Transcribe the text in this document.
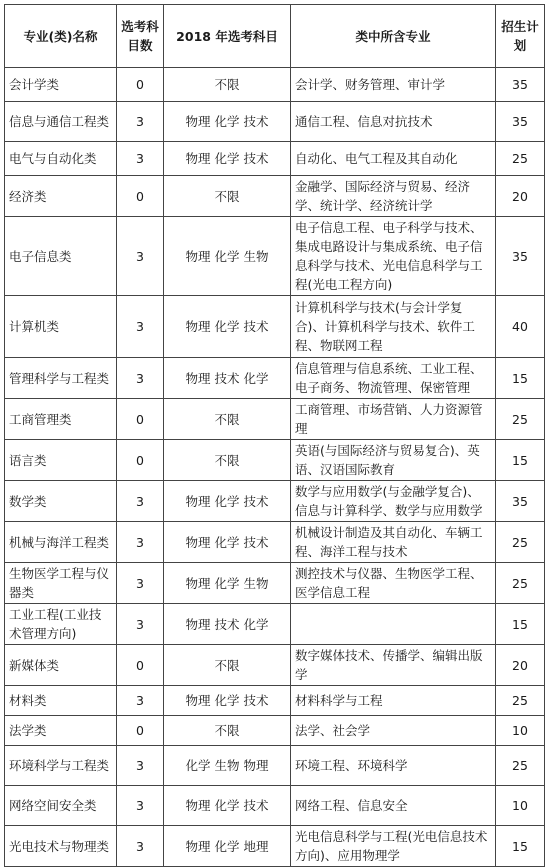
专业(类)名称	选考科目数	2018 年选考科目	类中所含专业	招生计划
会计学类	0	不限	会计学、财务管理、审计学	35
信息与通信工程类	3	物理 化学 技术	通信工程、信息对抗技术	35
电气与自动化类	3	物理 化学 技术	自动化、电气工程及其自动化	25
经济类	0	不限	金融学、国际经济与贸易、经济学、统计学、经济统计学	20
电子信息类	3	物理 化学 生物	电子信息工程、电子科学与技术、集成电路设计与集成系统、电子信息科学与技术、光电信息科学与工程(光电工程方向)	35
计算机类	3	物理 化学 技术	计算机科学与技术(与会计学复合)、计算机科学与技术、软件工程、物联网工程	40
管理科学与工程类	3	物理 技术 化学	信息管理与信息系统、工业工程、电子商务、物流管理、保密管理	15
工商管理类	0	不限	工商管理、市场营销、人力资源管理	25
语言类	0	不限	英语(与国际经济与贸易复合)、英语、汉语国际教育	15
数学类	3	物理 化学 技术	数学与应用数学(与金融学复合)、信息与计算科学、数学与应用数学	35
机械与海洋工程类	3	物理 化学 技术	机械设计制造及其自动化、车辆工程、海洋工程与技术	25
生物医学工程与仪器类	3	物理 化学 生物	测控技术与仪器、生物医学工程、医学信息工程	25
工业工程(工业技术管理方向)	3	物理 技术 化学		15
新媒体类	0	不限	数字媒体技术、传播学、编辑出版学	20
材料类	3	物理 化学 技术	材料科学与工程	25
法学类	0	不限	法学、社会学	10
环境科学与工程类	3	化学 生物 物理	环境工程、环境科学	25
网络空间安全类	3	物理 化学 技术	网络工程、信息安全	10
光电技术与物理类	3	物理 化学 地理	光电信息科学与工程(光电信息技术方向)、应用物理学	15
